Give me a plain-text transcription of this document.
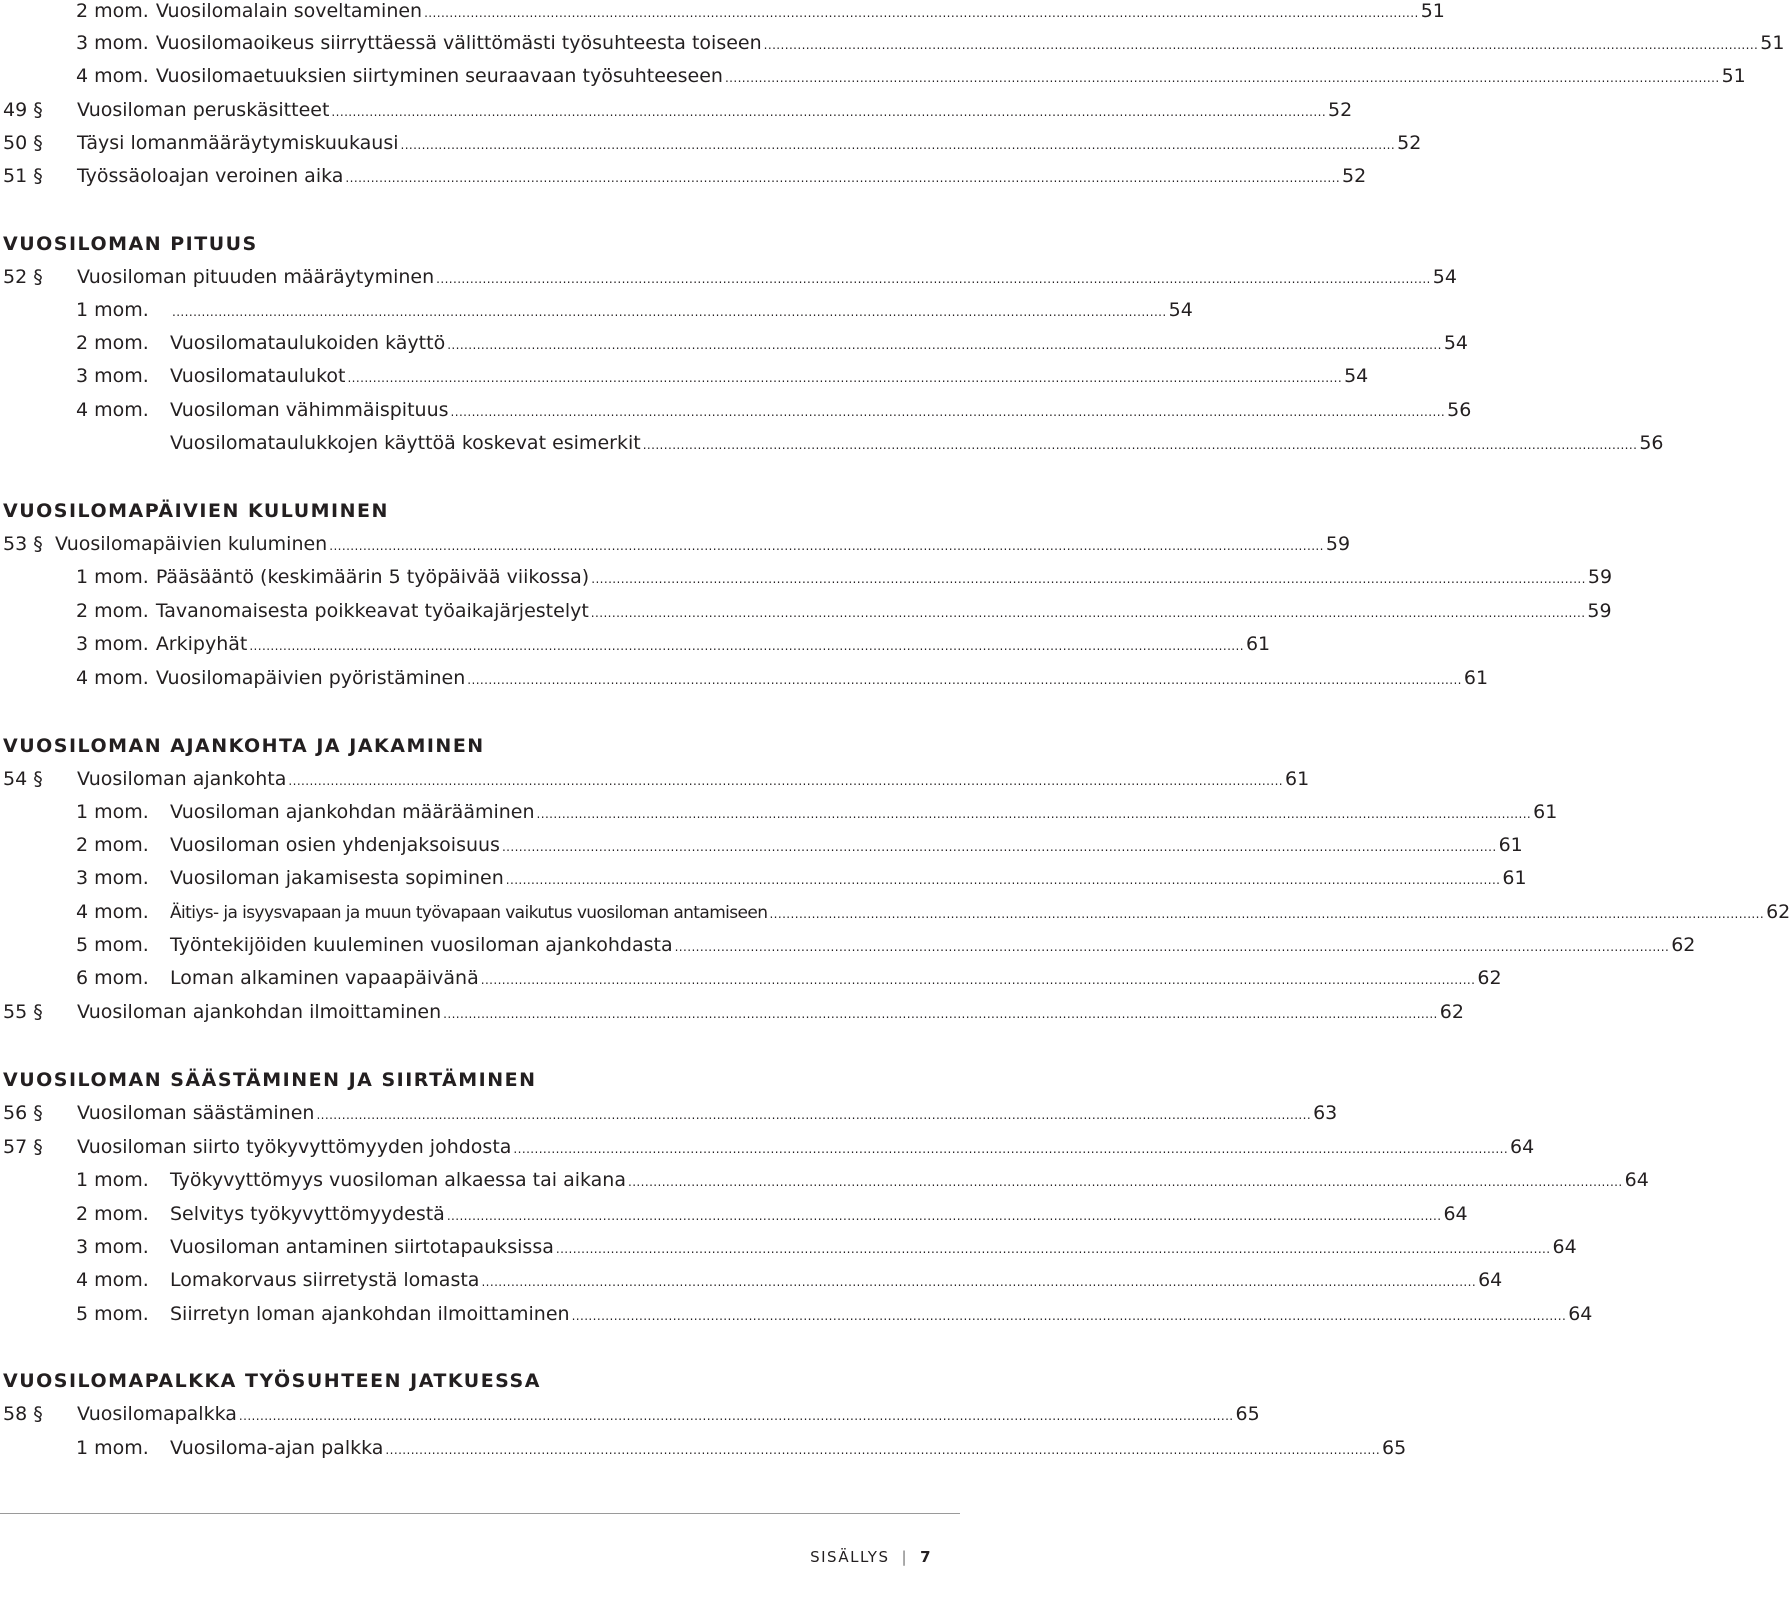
2 mom. Vuosilomalain soveltaminen ............................................................................................................................................................................................................................................ 51
3 mom. Vuosilomaoikeus siirryttäessä välittömästi työsuhteesta toiseen ............................................................................................................................................................................................................................................ 51
4 mom. Vuosilomaetuuksien siirtyminen seuraavaan työsuhteeseen ............................................................................................................................................................................................................................................ 51
49 §	Vuosiloman peruskäsitteet ............................................................................................................................................................................................................................................ 52
50 §	Täysi lomanmääräytymiskuukausi ............................................................................................................................................................................................................................................ 52
51 §	Työssäoloajan veroinen aika ............................................................................................................................................................................................................................................ 52
VUOSILOMAN PITUUS
52 §	Vuosiloman pituuden määräytyminen ............................................................................................................................................................................................................................................ 54
1 mom.	............................................................................................................................................................................................................................................ 54
2 mom.	Vuosilomataulukoiden käyttö ............................................................................................................................................................................................................................................ 54
3 mom.	Vuosilomataulukot ............................................................................................................................................................................................................................................ 54
4 mom.	Vuosiloman vähimmäispituus ............................................................................................................................................................................................................................................ 56
Vuosilomataulukkojen käyttöä koskevat esimerkit ............................................................................................................................................................................................................................................ 56
VUOSILOMAPÄIVIEN KULUMINEN
53 § Vuosilomapäivien kuluminen ............................................................................................................................................................................................................................................ 59
1 mom. Pääsääntö (keskimäärin 5 työpäivää viikossa) ............................................................................................................................................................................................................................................ 59
2 mom. Tavanomaisesta poikkeavat työaikajärjestelyt ............................................................................................................................................................................................................................................ 59
3 mom. Arkipyhät ............................................................................................................................................................................................................................................ 61
4 mom. Vuosilomapäivien pyöristäminen ............................................................................................................................................................................................................................................ 61
VUOSILOMAN AJANKOHTA JA JAKAMINEN
54 §	Vuosiloman ajankohta ............................................................................................................................................................................................................................................ 61
1 mom.	Vuosiloman ajankohdan määrääminen ............................................................................................................................................................................................................................................ 61
2 mom.	Vuosiloman osien yhdenjaksoisuus ............................................................................................................................................................................................................................................ 61
3 mom.	Vuosiloman jakamisesta sopiminen ............................................................................................................................................................................................................................................ 61
4 mom.	Äitiys- ja isyysvapaan ja muun työvapaan vaikutus vuosiloman antamiseen ............................................................................................................................................................................................................................................ 62
5 mom.	Työntekijöiden kuuleminen vuosiloman ajankohdasta ............................................................................................................................................................................................................................................ 62
6 mom.	Loman alkaminen vapaapäivänä ............................................................................................................................................................................................................................................ 62
55 §	Vuosiloman ajankohdan ilmoittaminen ............................................................................................................................................................................................................................................ 62
VUOSILOMAN SÄÄSTÄMINEN JA SIIRTÄMINEN
56 §	Vuosiloman säästäminen ............................................................................................................................................................................................................................................ 63
57 §	Vuosiloman siirto työkyvyttömyyden johdosta ............................................................................................................................................................................................................................................ 64
1 mom.	Työkyvyttömyys vuosiloman alkaessa tai aikana ............................................................................................................................................................................................................................................ 64
2 mom.	Selvitys työkyvyttömyydestä ............................................................................................................................................................................................................................................ 64
3 mom.	Vuosiloman antaminen siirtotapauksissa ............................................................................................................................................................................................................................................ 64
4 mom.	Lomakorvaus siirretystä lomasta ............................................................................................................................................................................................................................................ 64
5 mom.	Siirretyn loman ajankohdan ilmoittaminen ............................................................................................................................................................................................................................................ 64
VUOSILOMAPALKKA TYÖSUHTEEN JATKUESSA
58 §	Vuosilomapalkka ............................................................................................................................................................................................................................................ 65
1 mom.	Vuosiloma-ajan palkka ............................................................................................................................................................................................................................................ 65
SISÄLLYS | 7
